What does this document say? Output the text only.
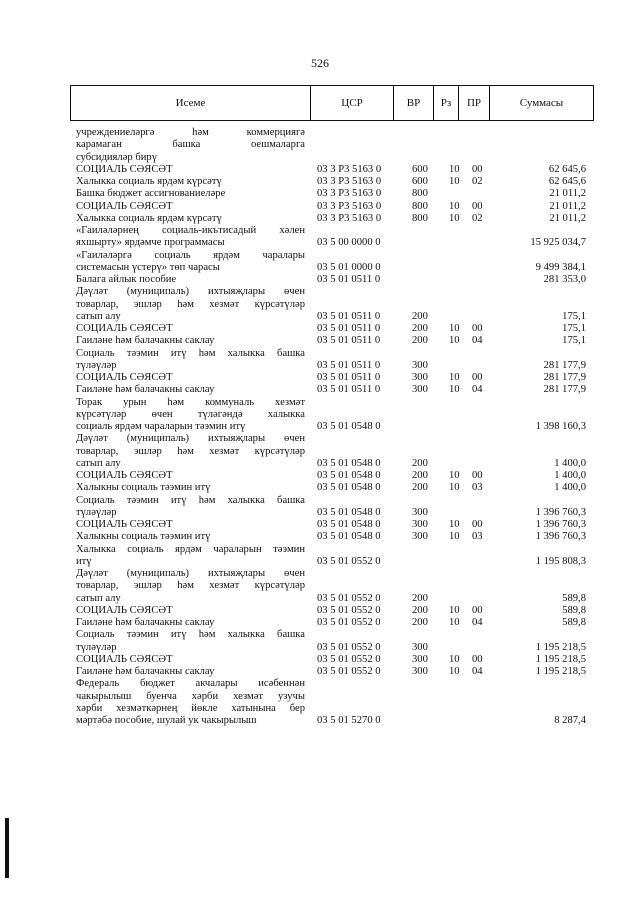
526
Исеме	ЦСР	ВР	Рз	ПР	Суммасы
учреждениеләргә һәм коммерциягә
карамаган башка оешмаларга
субсидияләр бирү
СОЦИАЛЬ СӘЯСӘТ	03 3 Р3 5163 0	600	10	00	62 645,6
Халыкка социаль ярдәм күрсәтү	03 3 Р3 5163 0	600	10	02	62 645,6
Башка бюджет ассигнованиеләре	03 3 Р3 5163 0	800	21 011,2
СОЦИАЛЬ СӘЯСӘТ	03 3 Р3 5163 0	800	10	00	21 011,2
Халыкка социаль ярдәм күрсәтү	03 3 Р3 5163 0	800	10	02	21 011,2
«Гаиләләрнең социаль-икътисадый хәлен
яхшырту» ярдәмче программасы	03 5 00 0000 0	15 925 034,7
«Гаиләләргә социаль ярдәм чаралары
системасын үстерү» төп чарасы	03 5 01 0000 0	9 499 384,1
Балага айлык пособие	03 5 01 0511 0	281 353,0
Дәүләт (муниципаль) ихтыяҗлары өчен
товарлар, эшләр һәм хезмәт күрсәтүләр
сатып алу	03 5 01 0511 0	200	175,1
СОЦИАЛЬ СӘЯСӘТ	03 5 01 0511 0	200	10	00	175,1
Гаиләне һәм балачакны саклау	03 5 01 0511 0	200	10	04	175,1
Социаль тәэмин итү һәм халыкка башка
түләүләр	03 5 01 0511 0	300	281 177,9
СОЦИАЛЬ СӘЯСӘТ	03 5 01 0511 0	300	10	00	281 177,9
Гаиләне һәм балачакны саклау	03 5 01 0511 0	300	10	04	281 177,9
Торак урын һәм коммуналь хезмәт
күрсәтүләр өчен түләгәндә халыкка
социаль ярдәм чараларын тәэмин итү	03 5 01 0548 0	1 398 160,3
Дәүләт (муниципаль) ихтыяҗлары өчен
товарлар, эшләр һәм хезмәт күрсәтүләр
сатып алу	03 5 01 0548 0	200	1 400,0
СОЦИАЛЬ СӘЯСӘТ	03 5 01 0548 0	200	10	00	1 400,0
Халыкны социаль тәэмин итү	03 5 01 0548 0	200	10	03	1 400,0
Социаль тәэмин итү һәм халыкка башка
түләүләр	03 5 01 0548 0	300	1 396 760,3
СОЦИАЛЬ СӘЯСӘТ	03 5 01 0548 0	300	10	00	1 396 760,3
Халыкны социаль тәэмин итү	03 5 01 0548 0	300	10	03	1 396 760,3
Халыкка социаль ярдәм чараларын тәэмин
итү	03 5 01 0552 0	1 195 808,3
Дәүләт (муниципаль) ихтыяҗлары өчен
товарлар, эшләр һәм хезмәт күрсәтүләр
сатып алу	03 5 01 0552 0	200	589,8
СОЦИАЛЬ СӘЯСӘТ	03 5 01 0552 0	200	10	00	589,8
Гаиләне һәм балачакны саклау	03 5 01 0552 0	200	10	04	589,8
Социаль тәэмин итү һәм халыкка башка
түләүләр	03 5 01 0552 0	300	1 195 218,5
СОЦИАЛЬ СӘЯСӘТ	03 5 01 0552 0	300	10	00	1 195 218,5
Гаиләне һәм балачакны саклау	03 5 01 0552 0	300	10	04	1 195 218,5
Федераль бюджет акчалары исәбеннән
чакырылыш буенча хәрби хезмәт узучы
хәрби хезмәткәрнең йөкле хатынына бер
мәртәбә пособие, шулай ук чакырылыш	03 5 01 5270 0	8 287,4
